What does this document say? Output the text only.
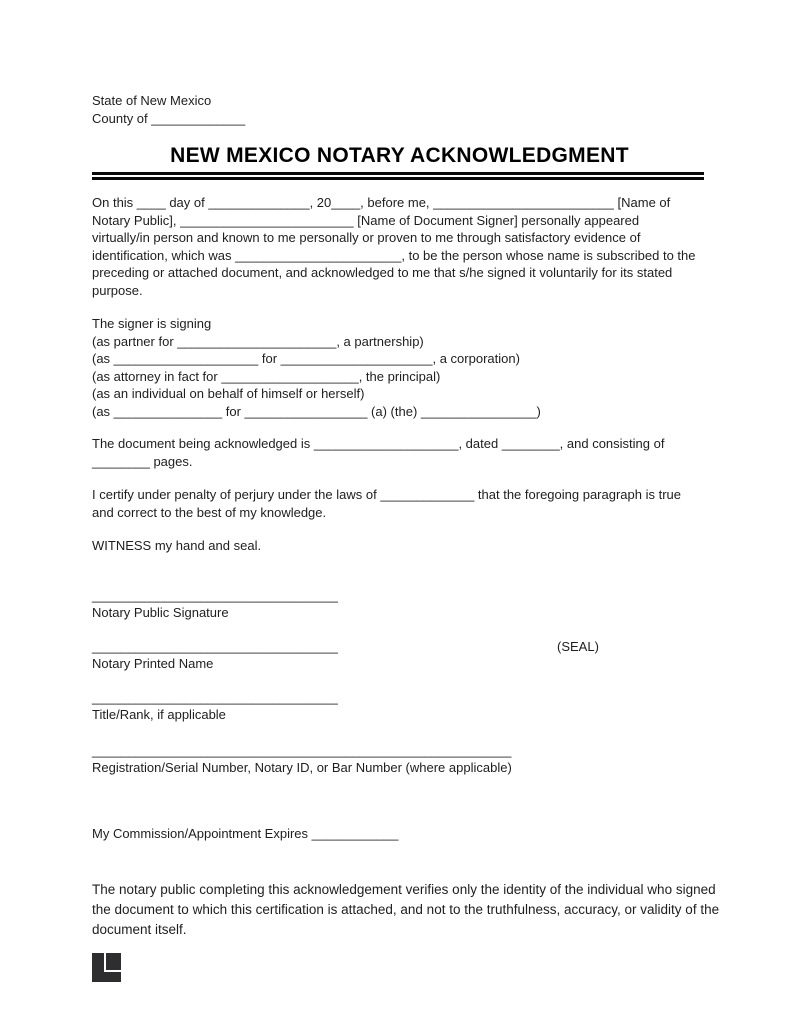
State of New Mexico
County of _____________
NEW MEXICO NOTARY ACKNOWLEDGMENT
On this ____ day of ______________, 20____, before me, _________________________ [Name of
Notary Public], ________________________ [Name of Document Signer] personally appeared
virtually/in person and known to me personally or proven to me through satisfactory evidence of
identification, which was _______________________, to be the person whose name is subscribed to the
preceding or attached document, and acknowledged to me that s/he signed it voluntarily for its stated
purpose.
The signer is signing
(as partner for ______________________, a partnership)
(as ____________________ for _____________________, a corporation)
(as attorney in fact for ___________________, the principal)
(as an individual on behalf of himself or herself)
(as _______________ for _________________ (a) (the) ________________)
The document being acknowledged is ____________________, dated ________, and consisting of
________ pages.
I certify under penalty of perjury under the laws of _____________ that the foregoing paragraph is true
and correct to the best of my knowledge.
WITNESS my hand and seal.
__________________________________
Notary Public Signature
__________________________________
Notary Printed Name
__________________________________
Title/Rank, if applicable
__________________________________________________________
Registration/Serial Number, Notary ID, or Bar Number (where applicable)
(SEAL)
My Commission/Appointment Expires ____________
The notary public completing this acknowledgement verifies only the identity of the individual who signed
the document to which this certification is attached, and not to the truthfulness, accuracy, or validity of the
document itself.
